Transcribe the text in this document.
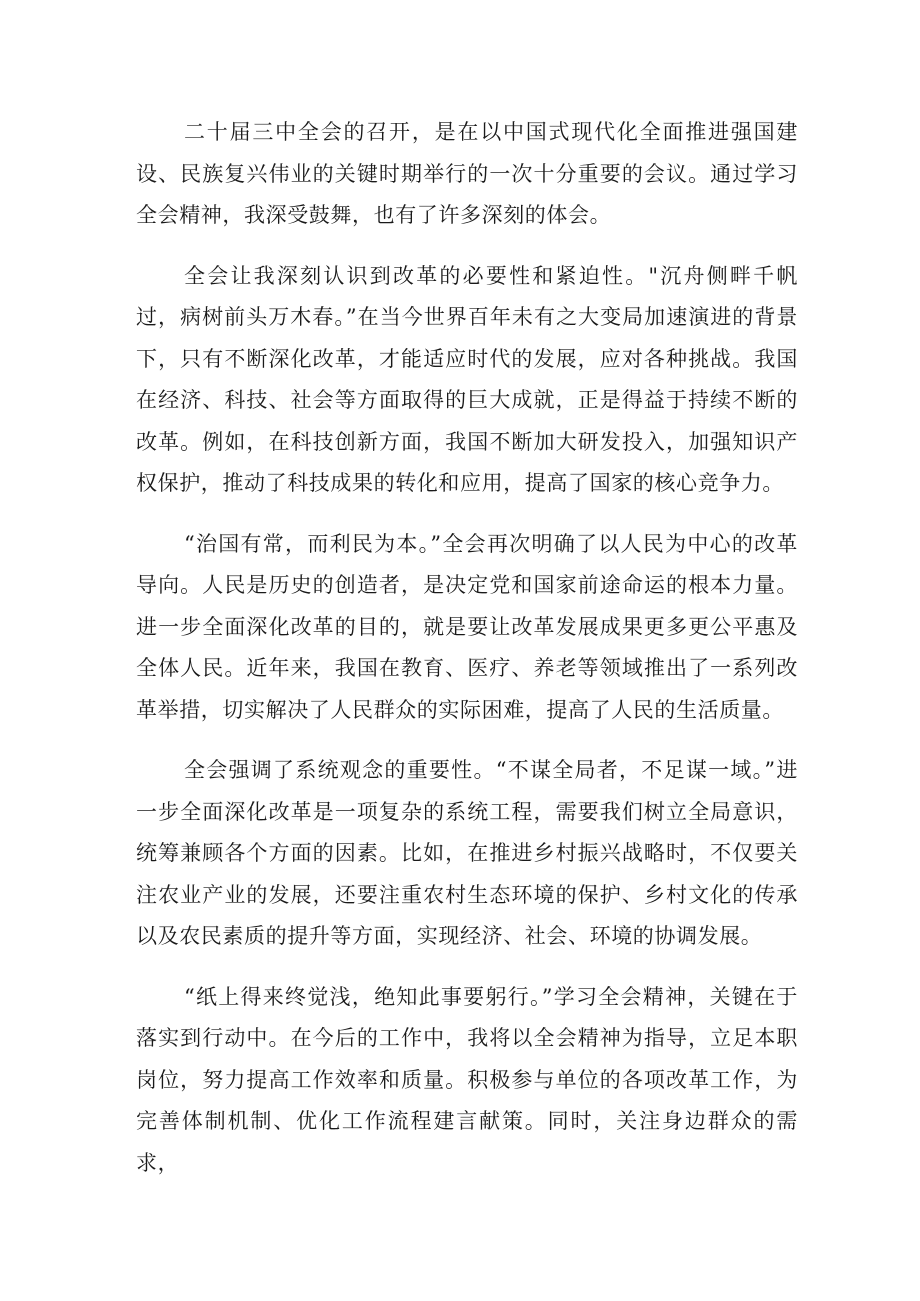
二十届三中全会的召开，是在以中国式现代化全面推进强国建设、民族复兴伟业的关键时期举行的一次十分重要的会议。通过学习全会精神，我深受鼓舞，也有了许多深刻的体会。

全会让我深刻认识到改革的必要性和紧迫性。"沉舟侧畔千帆过，病树前头万木春。”在当今世界百年未有之大变局加速演进的背景下，只有不断深化改革，才能适应时代的发展，应对各种挑战。我国在经济、科技、社会等方面取得的巨大成就，正是得益于持续不断的改革。例如，在科技创新方面，我国不断加大研发投入，加强知识产权保护，推动了科技成果的转化和应用，提高了国家的核心竞争力。

“治国有常，而利民为本。”全会再次明确了以人民为中心的改革导向。人民是历史的创造者，是决定党和国家前途命运的根本力量。进一步全面深化改革的目的，就是要让改革发展成果更多更公平惠及全体人民。近年来，我国在教育、医疗、养老等领域推出了一系列改革举措，切实解决了人民群众的实际困难，提高了人民的生活质量。

全会强调了系统观念的重要性。“不谋全局者，不足谋一域。”进一步全面深化改革是一项复杂的系统工程，需要我们树立全局意识，统筹兼顾各个方面的因素。比如，在推进乡村振兴战略时，不仅要关注农业产业的发展，还要注重农村生态环境的保护、乡村文化的传承以及农民素质的提升等方面，实现经济、社会、环境的协调发展。

“纸上得来终觉浅，绝知此事要躬行。”学习全会精神，关键在于落实到行动中。在今后的工作中，我将以全会精神为指导，立足本职岗位，努力提高工作效率和质量。积极参与单位的各项改革工作，为完善体制机制、优化工作流程建言献策。同时，关注身边群众的需求，
